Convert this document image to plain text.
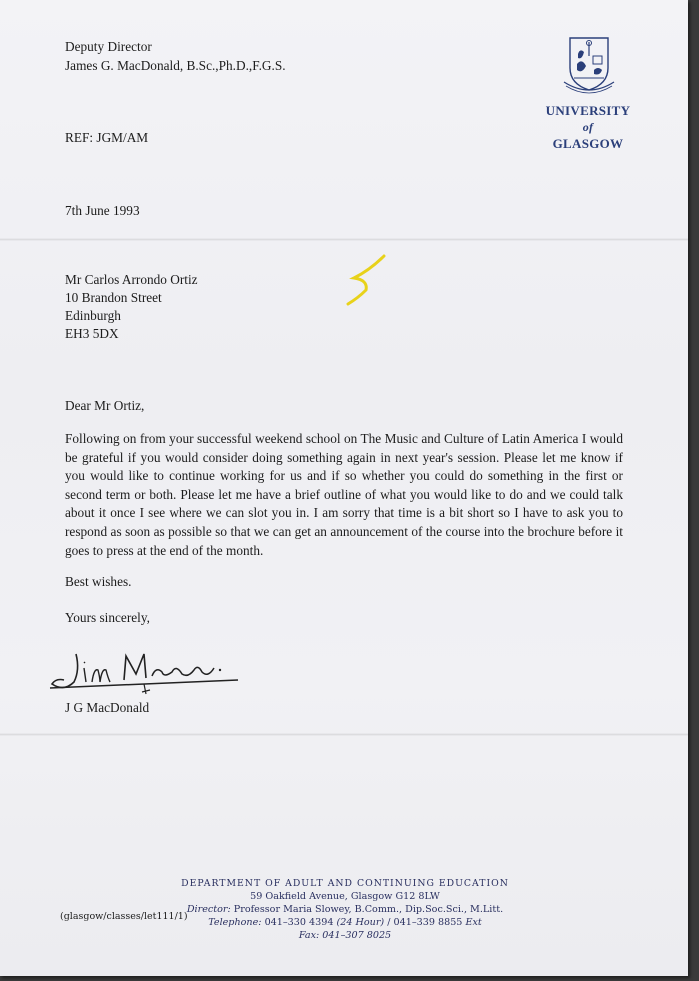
Deputy Director
James G. MacDonald, B.Sc.,Ph.D.,F.G.S.
UNIVERSITY
of
GLASGOW
REF: JGM/AM
7th June 1993
Mr Carlos Arrondo Ortiz
10 Brandon Street
Edinburgh
EH3 5DX
Dear Mr Ortiz,
Following on from your successful weekend school on The Music and Culture of Latin America I would be grateful if you would consider doing something again in next year's session. Please let me know if you would like to continue working for us and if so whether you could do something in the first or second term or both. Please let me have a brief outline of what you would like to do and we could talk about it once I see where we can slot you in. I am sorry that time is a bit short so I have to ask you to respond as soon as possible so that we can get an announcement of the course into the brochure before it goes to press at the end of the month.
Best wishes.
Yours sincerely,
J G MacDonald
DEPARTMENT OF ADULT AND CONTINUING EDUCATION
59 Oakfield Avenue, Glasgow G12 8LW
Director: Professor Maria Slowey, B.Comm., Dip.Soc.Sci., M.Litt.
Telephone: 041–330 4394 (24 Hour) / 041–339 8855 Ext
Fax: 041–307 8025
(glasgow/classes/let111/1)
